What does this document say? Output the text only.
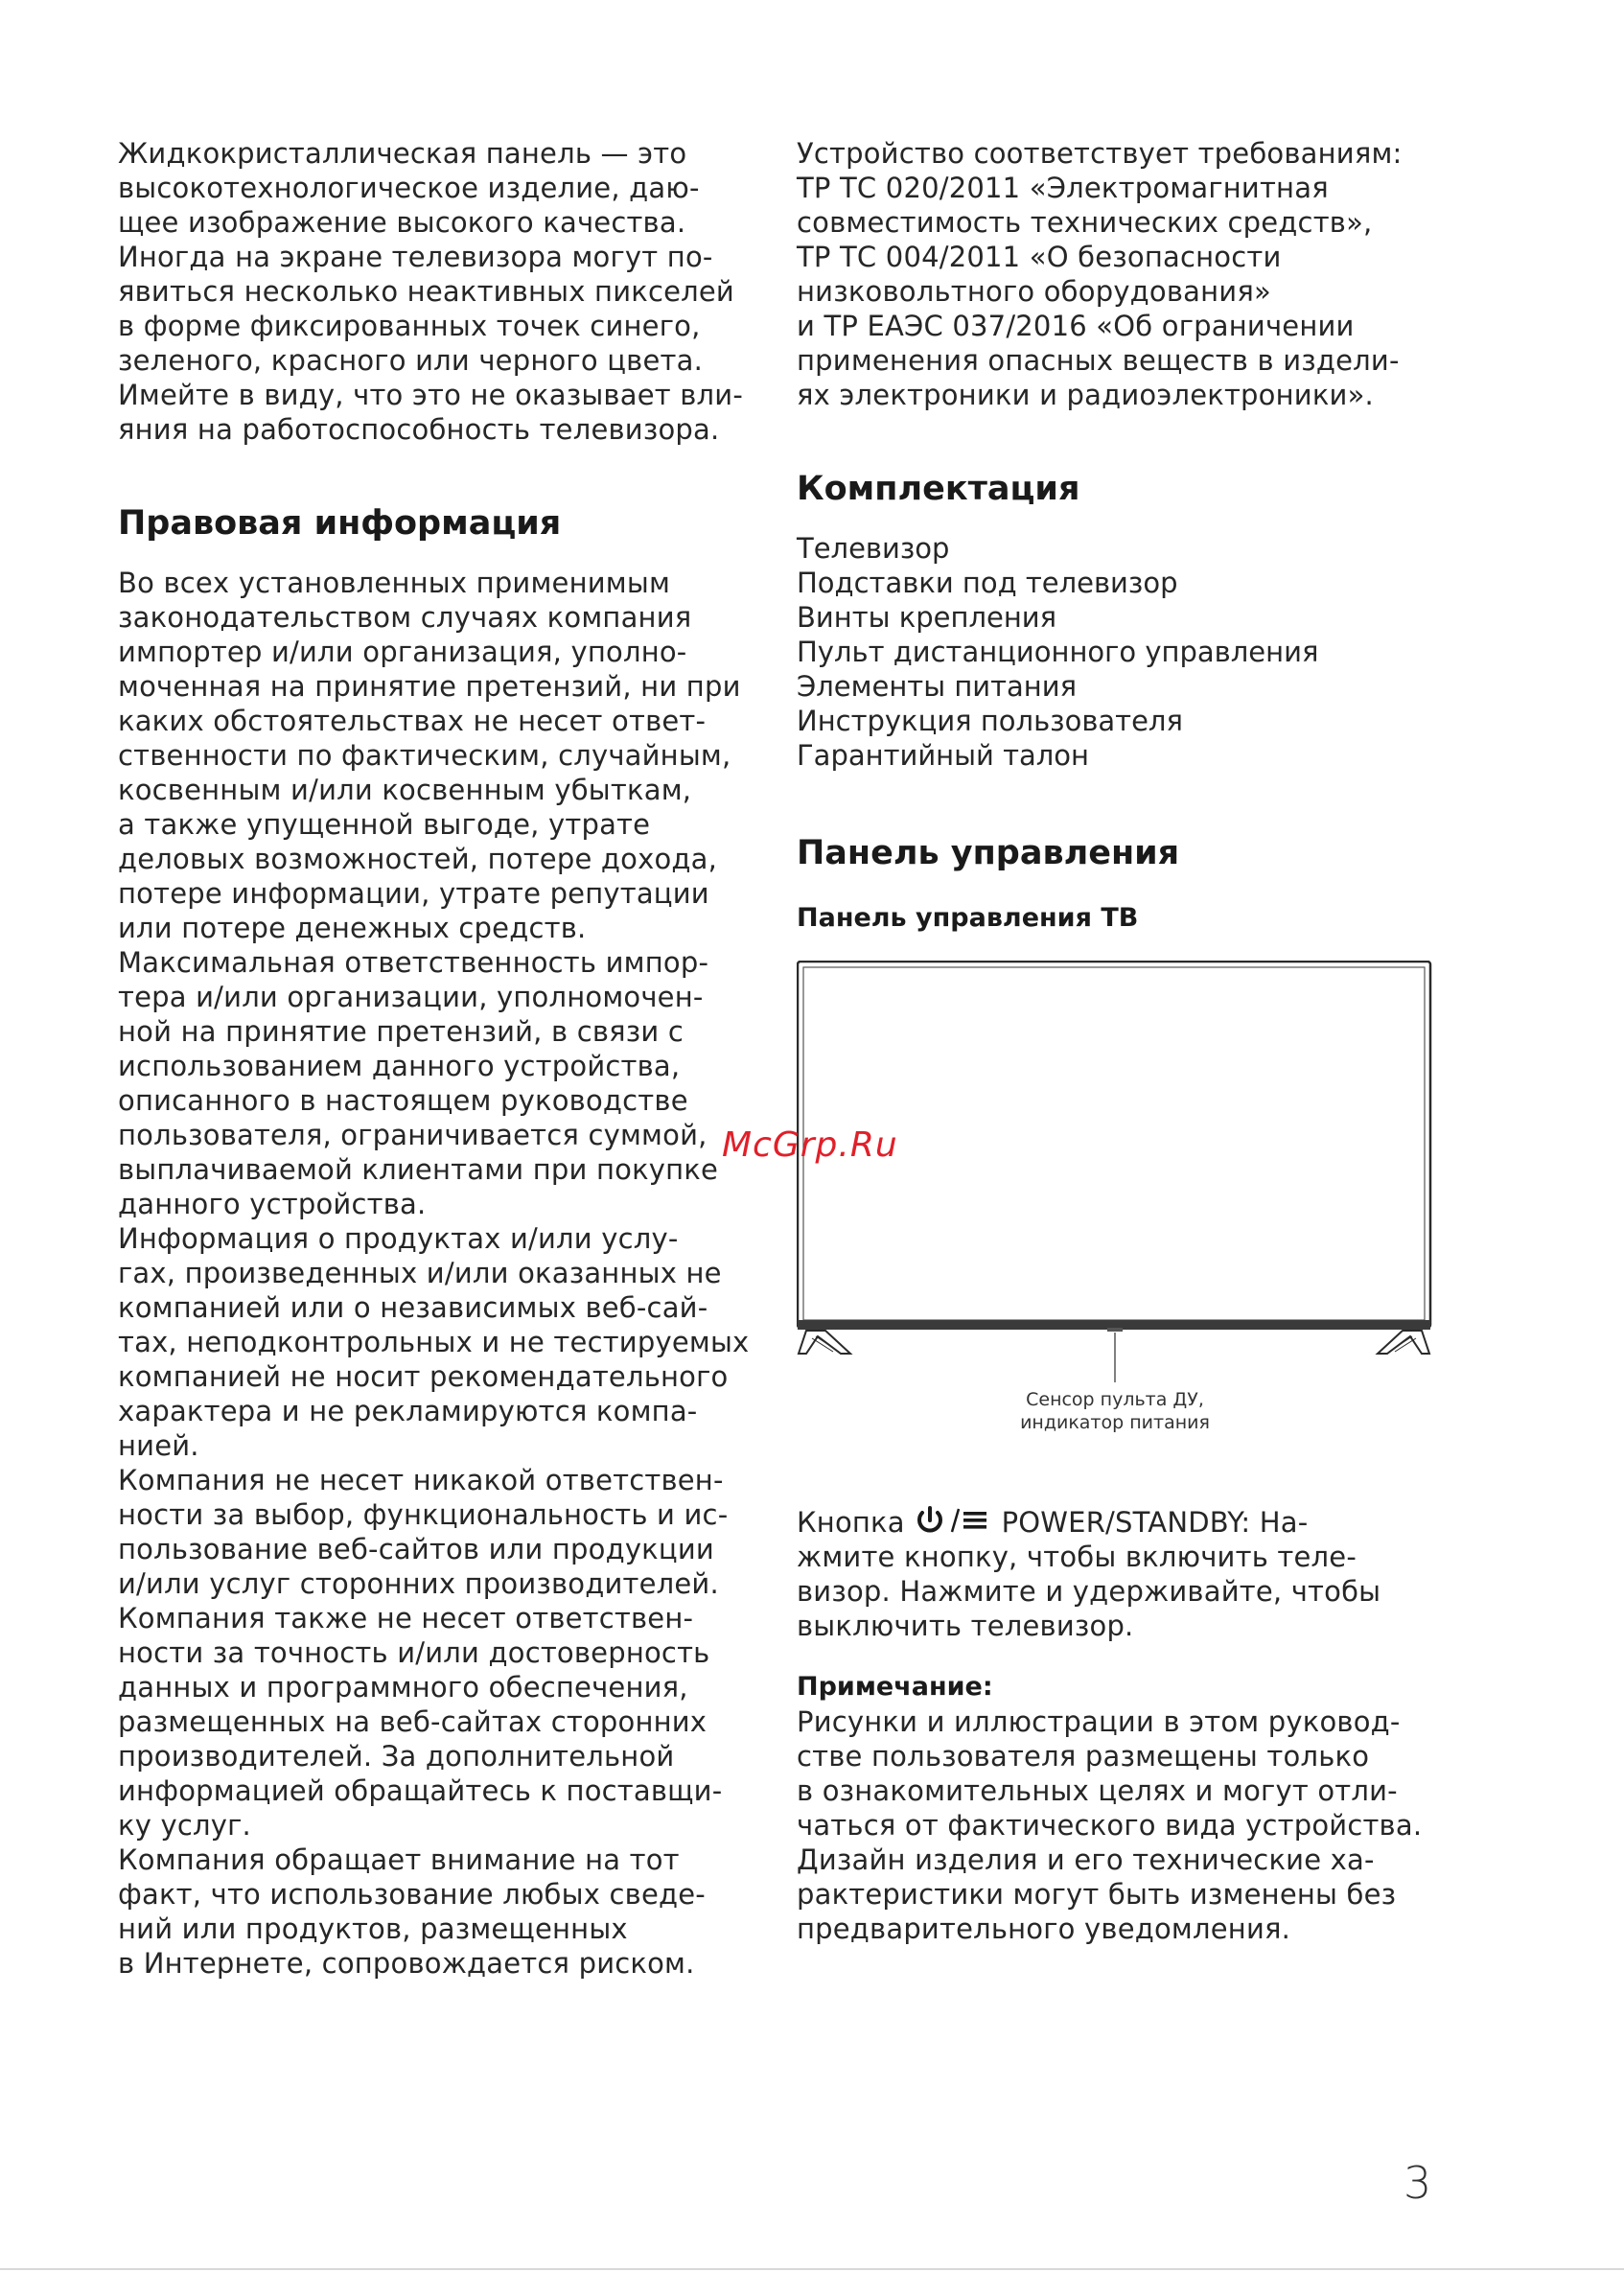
Жидкокристаллическая панель — это
высокотехнологическое изделие, даю-
щее изображение высокого качества.
Иногда на экране телевизора могут по-
явиться несколько неактивных пикселей
в форме фиксированных точек синего,
зеленого, красного или черного цвета.
Имейте в виду, что это не оказывает вли-
яния на работоспособность телевизора.

Правовая информация

Во всех установленных применимым
законодательством случаях компания
импортер и/или организация, уполно-
моченная на принятие претензий, ни при
каких обстоятельствах не несет ответ-
ственности по фактическим, случайным,
косвенным и/или косвенным убыткам,
а также упущенной выгоде, утрате
деловых возможностей, потере дохода,
потере информации, утрате репутации
или потере денежных средств.
Максимальная ответственность импор-
тера и/или организации, уполномочен-
ной на принятие претензий, в связи с
использованием данного устройства,
описанного в настоящем руководстве
пользователя, ограничивается суммой,
выплачиваемой клиентами при покупке
данного устройства.
Информация о продуктах и/или услу-
гах, произведенных и/или оказанных не
компанией или о независимых веб-сай-
тах, неподконтрольных и не тестируемых
компанией не носит рекомендательного
характера и не рекламируются компа-
нией.
Компания не несет никакой ответствен-
ности за выбор, функциональность и ис-
пользование веб-сайтов или продукции
и/или услуг сторонних производителей.
Компания также не несет ответствен-
ности за точность и/или достоверность
данных и программного обеспечения,
размещенных на веб-сайтах сторонних
производителей. За дополнительной
информацией обращайтесь к поставщи-
ку услуг.
Компания обращает внимание на тот
факт, что использование любых сведе-
ний или продуктов, размещенных
в Интернете, сопровождается риском.

Устройство соответствует требованиям:
ТР ТС 020/2011 «Электромагнитная
совместимость технических средств»,
ТР ТС 004/2011 «О безопасности
низковольтного оборудования»
и ТР ЕАЭС 037/2016 «Об ограничении
применения опасных веществ в издели-
ях электроники и радиоэлектроники».

Комплектация
Телевизор
Подставки под телевизор
Винты крепления
Пульт дистанционного управления
Элементы питания
Инструкция пользователя
Гарантийный талон
Панель управления
Панель управления ТВ
Сенсор пульта ДУ,
индикатор питания

Кнопка	POWER/STANDBY: На-
жмите кнопку, чтобы включить теле-
визор. Нажмите и удерживайте, чтобы
выключить телевизор.

Примечание:

Рисунки и иллюстрации в этом руковод-
стве пользователя размещены только
в ознакомительных целях и могут отли-
чаться от фактического вида устройства.
Дизайн изделия и его технические ха-
рактеристики могут быть изменены без
предварительного уведомления.

McGrp.Ru
3
